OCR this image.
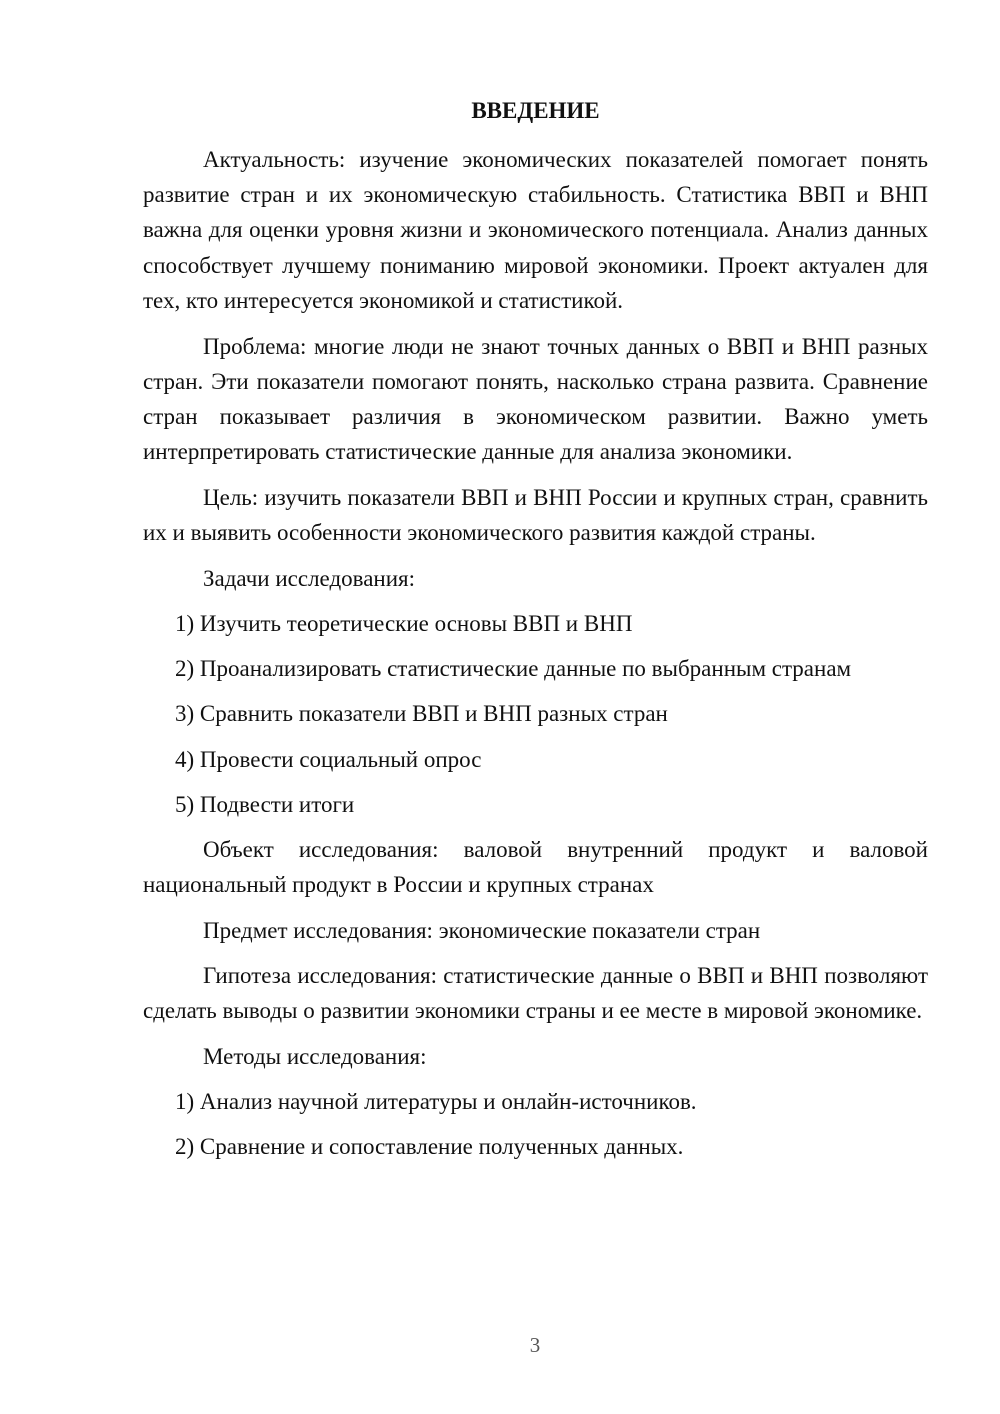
ВВЕДЕНИЕ

Актуальность: изучение экономических показателей помогает понять развитие стран и их экономическую стабильность. Статистика ВВП и ВНП важна для оценки уровня жизни и экономического потенциала. Анализ данных способствует лучшему пониманию мировой экономики. Проект актуален для тех, кто интересуется экономикой и статистикой.

Проблема: многие люди не знают точных данных о ВВП и ВНП разных стран. Эти показатели помогают понять, насколько страна развита. Сравнение стран показывает различия в экономическом развитии. Важно уметь интерпретировать статистические данные для анализа экономики.

Цель: изучить показатели ВВП и ВНП России и крупных стран, сравнить их и выявить особенности экономического развития каждой страны.

Задачи исследования:

1) Изучить теоретические основы ВВП и ВНП

2) Проанализировать статистические данные по выбранным странам

3) Сравнить показатели ВВП и ВНП разных стран

4) Провести социальный опрос

5) Подвести итоги

Объект исследования: валовой внутренний продукт и валовой национальный продукт в России и крупных странах

Предмет исследования: экономические показатели стран

Гипотеза исследования: статистические данные о ВВП и ВНП позволяют сделать выводы о развитии экономики страны и ее месте в мировой экономике.

Методы исследования:

1) Анализ научной литературы и онлайн-источников.

2) Сравнение и сопоставление полученных данных.

3
